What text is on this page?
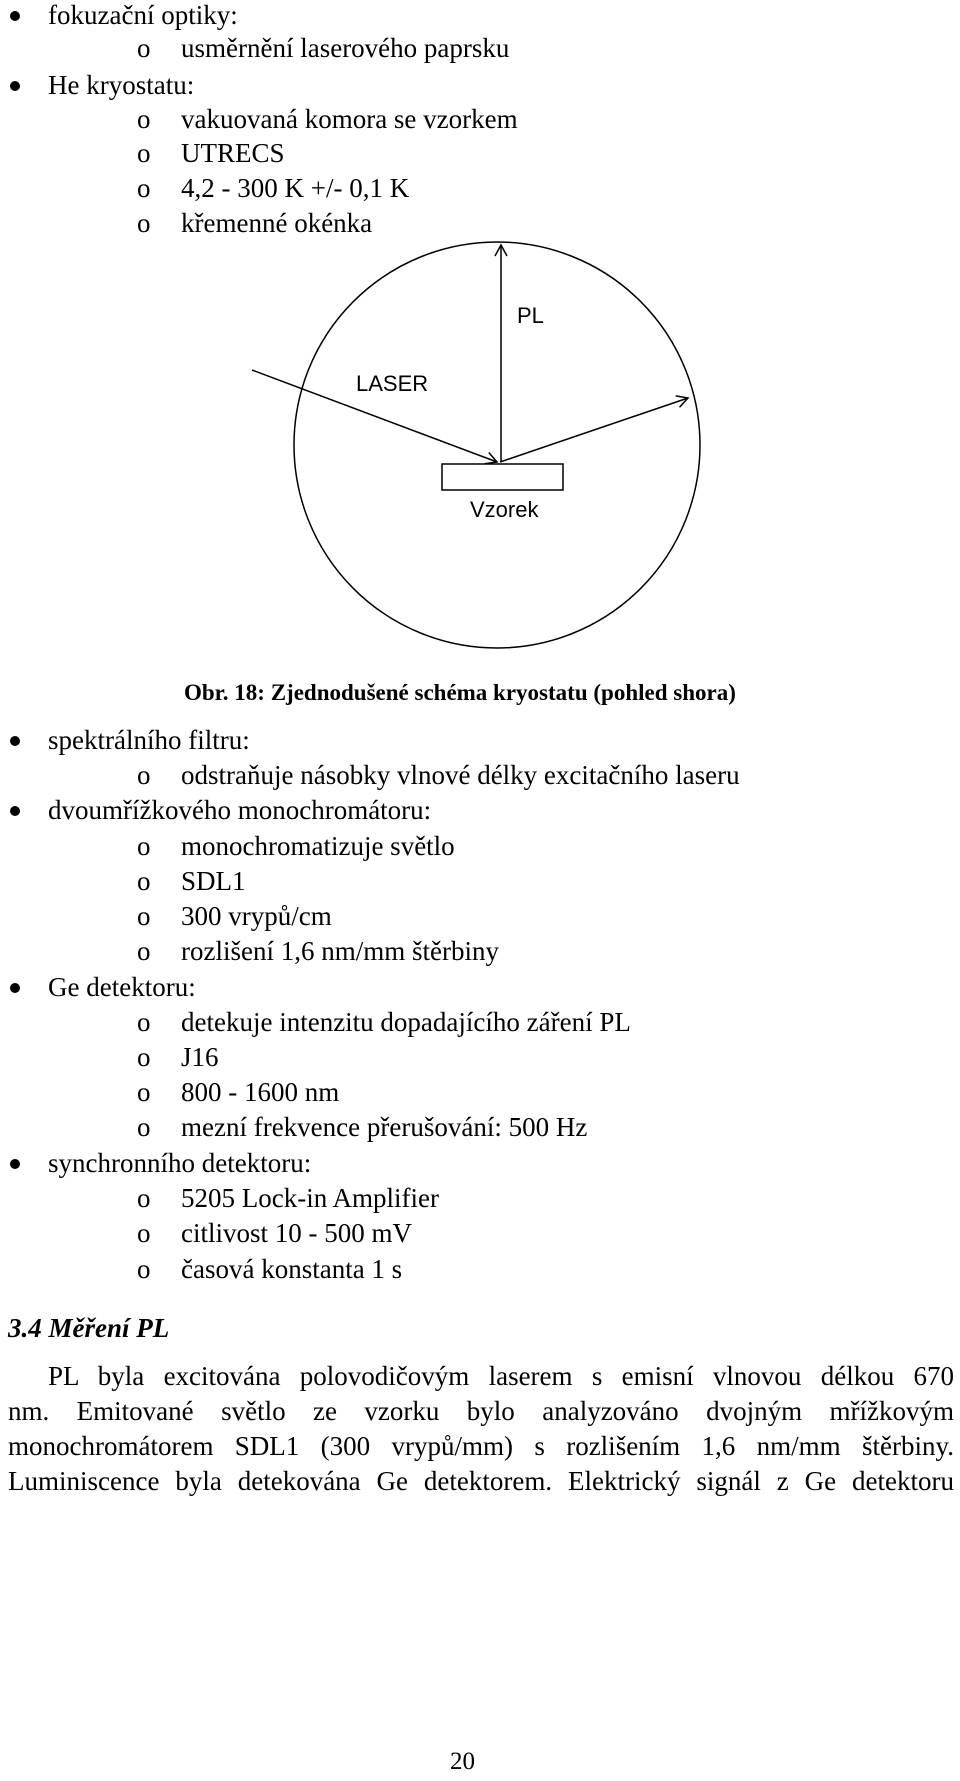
fokuzační optiky:
o usměrnění laserového paprsku
He kryostatu:
o vakuovaná komora se vzorkem
o UTRECS
o 4,2 - 300 K +/- 0,1 K
o křemenné okénka
PL
LASER
Vzorek
Obr. 18: Zjednodušené schéma kryostatu (pohled shora)
spektrálního filtru:
o odstraňuje násobky vlnové délky excitačního laseru
dvoumřížkového monochromátoru:
o monochromatizuje světlo
o SDL1
o 300 vrypů/cm
o rozlišení 1,6 nm/mm štěrbiny
Ge detektoru:
o detekuje intenzitu dopadajícího záření PL
o J16
o 800 - 1600 nm
o mezní frekvence přerušování: 500 Hz
synchronního detektoru:
o 5205 Lock-in Amplifier
o citlivost 10 - 500 mV
o časová konstanta 1 s
3.4 Měření PL
PL byla excitována polovodičovým laserem s emisní vlnovou délkou 670
nm. Emitované světlo ze vzorku bylo analyzováno dvojným mřížkovým
monochromátorem SDL1 (300 vrypů/mm) s rozlišením 1,6 nm/mm štěrbiny.
Luminiscence byla detekována Ge detektorem. Elektrický signál z Ge detektoru
20
